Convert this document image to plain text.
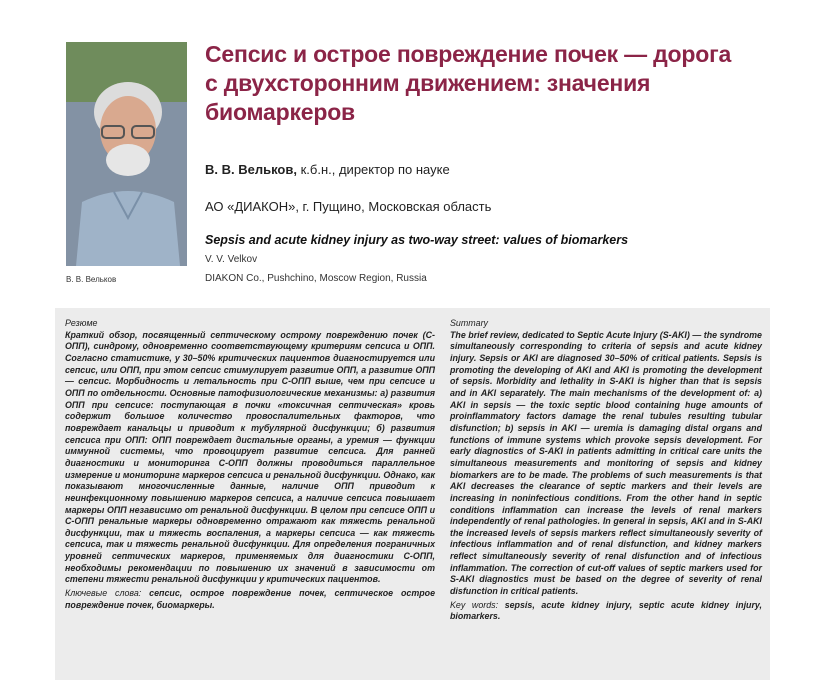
В. В. Вельков
Сепсис и острое повреждение почек — дорога с двухсторонним движением: значения биомаркеров
В. В. Вельков, к.б.н., директор по науке
АО «ДИАКОН», г. Пущино, Московская область
Sepsis and acute kidney injury as two-way street: values of biomarkers
V. V. Velkov
DIAKON Co., Pushchino, Moscow Region, Russia
Резюме
Краткий обзор, посвященный септическому острому повреждению почек (С-ОПП), синдрому, одновременно соответствующему критериям сепсиса и ОПП. Согласно статистике, у 30–50% критических пациентов диагностируется или сепсис, или ОПП, при этом сепсис стимулирует развитие ОПП, а развитие ОПП — сепсис. Морбидность и летальность при С-ОПП выше, чем при сепсисе и ОПП по отдельности. Основные патофизиологические механизмы: а) развития ОПП при сепсисе: поступающая в почки «токсичная септическая» кровь содержит большое количество провоспалительных факторов, что повреждает канальцы и приводит к тубулярной дисфункции; б) развития сепсиса при ОПП: ОПП повреждает дистальные органы, а уремия — функции иммунной системы, что провоцирует развитие сепсиса. Для ранней диагностики и мониторинга С-ОПП должны проводиться параллельное измерение и мониторинг маркеров сепсиса и ренальной дисфункции. Однако, как показывают многочисленные данные, наличие ОПП приводит к неинфекционному повышению маркеров сепсиса, а наличие сепсиса повышает маркеры ОПП независимо от ренальной дисфункции. В целом при сепсисе ОПП и С-ОПП ренальные маркеры одновременно отражают как тяжесть ренальной дисфункции, так и тяжесть воспаления, а маркеры сепсиса — как тяжесть сепсиса, так и тяжесть ренальной дисфункции. Для определения пограничных уровней септических маркеров, применяемых для диагностики С-ОПП, необходимы рекомендации по повышению их значений в зависимости от степени тяжести ренальной дисфункции у критических пациентов.
Ключевые слова: сепсис, острое повреждение почек, септическое острое повреждение почек, биомаркеры.
Summary
The brief review, dedicated to Septic Acute Injury (S-AKI) — the syndrome simultaneously corresponding to criteria of sepsis and acute kidney injury. Sepsis or AKI are diagnosed 30–50% of critical patients. Sepsis is promoting the developing of AKI and AKI is promoting the development of sepsis. Morbidity and lethality in S-AKI is higher than that is sepsis and in AKI separately. The main mechanisms of the development of: a) AKI in sepsis — the toxic septic blood containing huge amounts of proinflammatory factors damage the renal tubules resulting tubular disfunction; b) sepsis in AKI — uremia is damaging distal organs and functions of immune systems which provoke sepsis development. For early diagnostics of S-AKI in patients admitting in critical care units the simultaneous measurements and monitoring of sepsis and kidney biomarkers are to be made. The problems of such measurements is that AKI decreases the clearance of septic markers and their levels are increasing in noninfectious conditions. From the other hand in septic conditions inflammation can increase the levels of renal markers independently of renal pathologies. In general in sepsis, AKI and in S-AKI the increased levels of sepsis markers reflect simultaneously severity of infectious inflammation and of renal disfunction, and kidney markers reflect simultaneously severity of renal disfunction and of infectious inflammation. The correction of cut-off values of septic markers used for S-AKI diagnostics must be based on the degree of severity of renal disfunction in critical patients.
Key words: sepsis, acute kidney injury, septic acute kidney injury, biomarkers.
